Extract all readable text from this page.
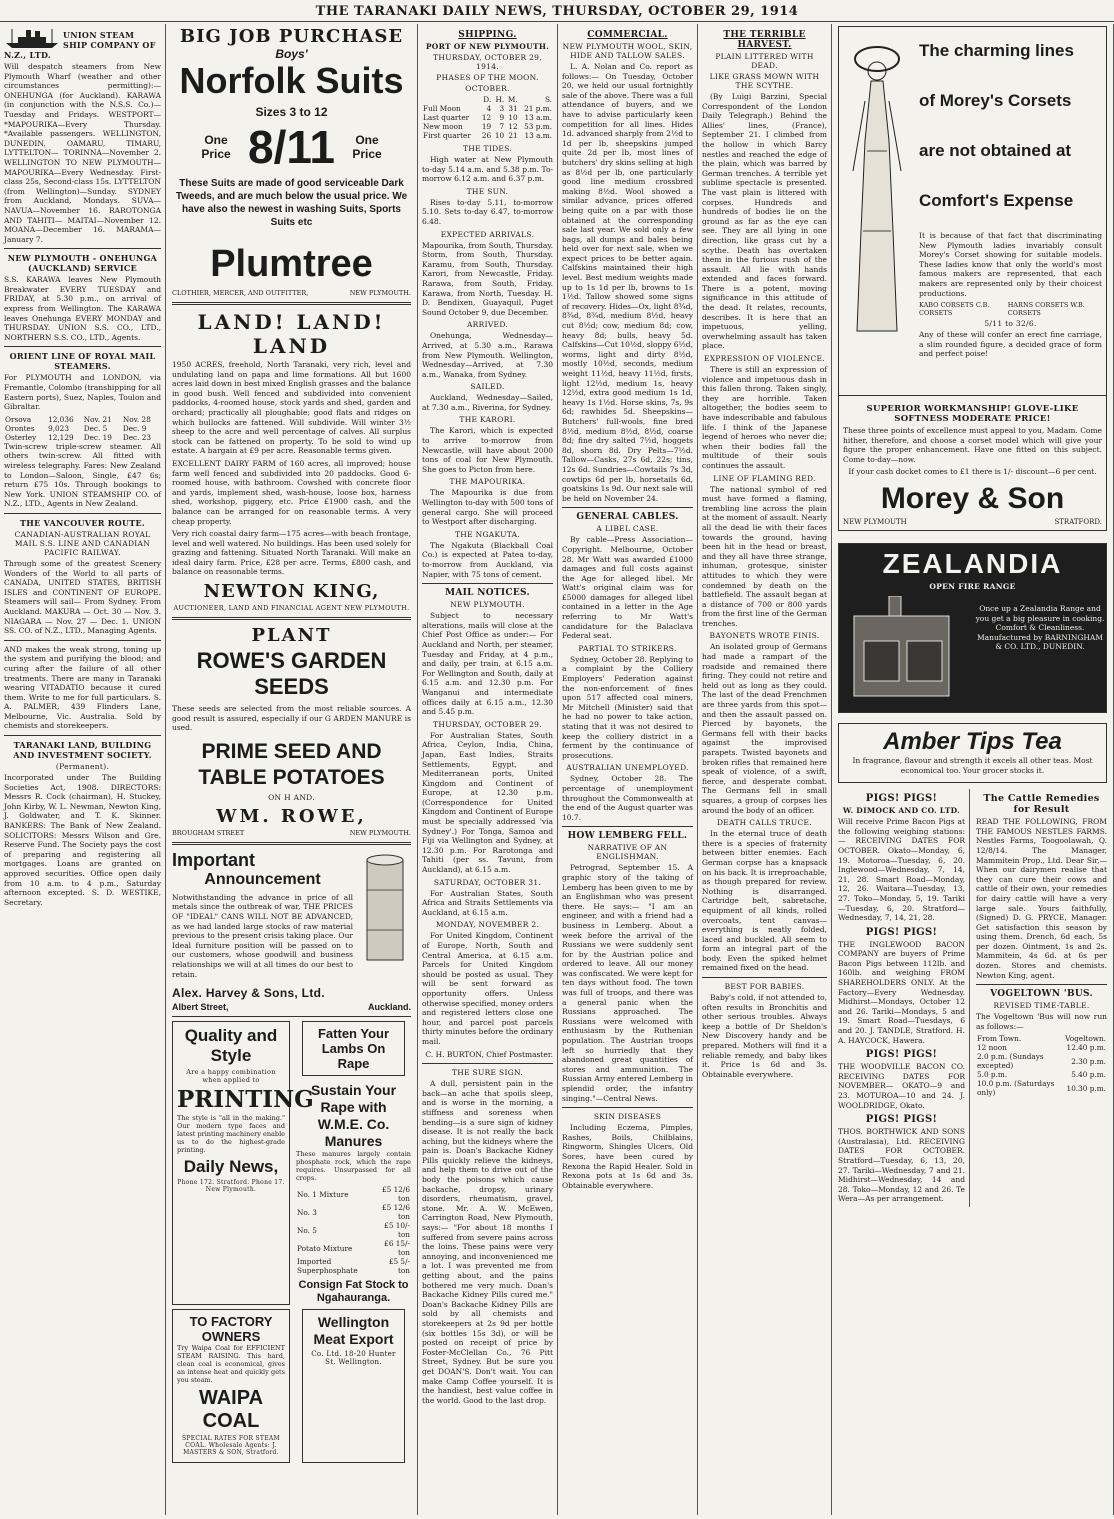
THE TARANAKI DAILY NEWS, THURSDAY, OCTOBER 29, 1914
UNION STEAM SHIP COMPANY OF N.Z., LTD.
Will despatch steamers from New Plymouth Wharf (weather and other circumstances permitting):— ONEHUNGA (for Auckland). KARAWA (in conjunction with the N.S.S. Co.)—Tuesday and Fridays. WESTPORT— *MAPOURIKA—Every Thursday. *Available passengers. WELLINGTON, DUNEDIN, OAMARU, TIMARU, LYTTELTON— TORINNA—November 2. WELLINGTON TO NEW PLYMOUTH— MAPOURIKA—Every Wednesday. First-class 25s, Second-class 15s. LYTTELTON (from Wellington)—Sunday. SYDNEY from Auckland, Mondays. SUVA— NAVUA—November 16. RAROTONGA AND TAHITI— MAITAI—November 12. MOANA—December 16. MARAMA—January 7.
NEW PLYMOUTH - ONEHUNGA (AUCKLAND) SERVICE
S.S. KARAWA leaves New Plymouth Breakwater EVERY TUESDAY and FRIDAY, at 5.30 p.m., on arrival of express from Wellington. The KARAWA leaves Onehunga EVERY MONDAY and THURSDAY. UNION S.S. CO., LTD., NORTHERN S.S. CO., LTD., Agents.
ORIENT LINE OF ROYAL MAIL STEAMERS.
For PLYMOUTH and LONDON, via Fremantle, Colombo (transhipping for all Eastern ports), Suez, Naples, Toulon and Gibraltar.
Orsova	12,036	Nov. 21	Nov. 28
Orontes	9,023	Dec. 5	Dec. 9
Osterley	12,129	Dec. 19	Dec. 23
Twin-screw triple-screw steamer. All others twin-screw. All fitted with wireless telegraphy. Fares: New Zealand to London—Saloon, Single, £47 6s; return £75 10s. Through bookings to New York. UNION STEAMSHIP CO. of N.Z., LTD., Agents in New Zealand.
THE VANCOUVER ROUTE.
CANADIAN-AUSTRALIAN ROYAL MAIL S.S. LINE AND CANADIAN PACIFIC RAILWAY.
Through some of the greatest Scenery Wonders of the World to all parts of CANADA, UNITED STATES, BRITISH ISLES and CONTINENT OF EUROPE. Steamers will sail— From Sydney. From Auckland. MAKURA — Oct. 30 — Nov. 3. NIAGARA — Nov. 27 — Dec. 1. UNION SS. CO. of N.Z., LTD., Managing Agents.
AND makes the weak strong, toning up the system and purifying the blood; and curing after the failure of all other treatments. There are many in Taranaki wearing VITADATIO because it cured them. Write to me for full particulars. S. A. PALMER, 439 Flinders Lane, Melbourne, Vic. Australia. Sold by chemists and storekeepers.
TARANAKI LAND, BUILDING AND INVESTMENT SOCIETY.
(Permanent).
Incorporated under The Building Societies Act, 1908. DIRECTORS: Messrs R. Cock (chairman), H. Stuckey, John Kirby, W. L. Newman, Newton King, J. Goldwater, and T. K. Skinner. BANKERS: The Bank of New Zealand. SOLICITORS: Messrs Wilson and Gre. Reserve Fund. The Society pays the cost of preparing and registering all mortgages. Loans are granted on approved securities. Office open daily from 10 a.m. to 4 p.m., Saturday afternoon excepted. S. D. WESTIKE, Secretary.
BIG JOB PURCHASE
Boys'
Norfolk Suits
Sizes 3 to 12
One Price 8/11	One Price
These Suits are made of good serviceable Dark Tweeds, and are much below the usual price. We have also the newest in washing Suits, Sports Suits etc
Plumtree
CLOTHIER, MERCER, AND OUTFITTER,	NEW PLYMOUTH.
LAND! LAND! LAND
1950 ACRES, freehold, North Taranaki, very rich, level and undulating land on papa and lime formations. All but 1600 acres laid down in best mixed English grasses and the balance in good bush. Well fenced and subdivided into convenient paddocks, 4-roomed house, stock yards and shed, garden and orchard; practically all ploughable; good flats and ridges on which bullocks are fattened. Will subdivide. Will winter 3½ sheep to the acre and well percentage of calves. All surplus stock can be fattened on property. To be sold to wind up estate. A bargain at £9 per acre. Reasonable terms given.
EXCELLENT DAIRY FARM of 160 acres, all improved; house farm well fenced and subdivided into 20 paddocks. Good 6-roomed house, with bathroom. Cowshed with concrete floor and yards, implement shed, wash-house, loose box, harness shed, workshop, piggery, etc. Price £1900 cash, and the balance can be arranged for on reasonable terms. A very cheap property.
Very rich coastal dairy farm—175 acres—with beach frontage, level and well watered. No buildings. Has been used solely for grazing and fattening. Situated North Taranaki. Will make an ideal dairy farm. Price, £28 per acre. Terms, £800 cash, and balance on reasonable terms.
NEWTON KING,
AUCTIONEER, LAND AND FINANCIAL AGENT NEW PLYMOUTH.
PLANT
ROWE'S GARDEN SEEDS
These seeds are selected from the most reliable sources. A good result is assured, especially if our G ARDEN MANURE is used.
PRIME SEED AND TABLE POTATOES
ON H AND.
WM. ROWE,
BROUGHAM STREET	NEW PLYMOUTH.
Important
Announcement
Notwithstanding the advance in price of all metals since the outbreak of war, THE PRICES OF "IDEAL" CANS WILL NOT BE ADVANCED, as we had landed large stocks of raw material previous to the present crisis taking place. Our Ideal furniture position will be passed on to our customers, whose goodwill and business relationships we will at all times do our best to retain.
Alex. Harvey & Sons, Ltd.
Albert Street,	Auckland.
Quality and Style
Are a happy combination when applied to
PRINTING
The style is "all in the making." Our modern type faces and latest printing machinery enable us to do the highest-grade printing.
Daily News,
Phone 172. Stratford. Phone 17. New Plymouth.
Fatten Your Lambs On Rape
Sustain Your Rape with W.M.E. Co. Manures
These manures largely contain phosphate rock, which the rape requires. Unsurpassed for all crops.
No. 1 Mixture	£5 12/6 ton
No. 3	£5 12/6 ton
No. 5	£5 10/- ton
Potato Mixture	£6 15/- ton
Imported Superphosphate	£5 5/- ton
Consign Fat Stock to Ngahauranga.
TO FACTORY OWNERS
Try Waipa Coal for EFFICIENT STEAM RAISING. This hard, clean coal is economical, gives an intense heat and quickly gets you steam.
WAIPA COAL
SPECIAL RATES FOR STEAM COAL. Wholesale Agents: J. MASTERS & SON, Stratford.
Wellington Meat Export
Co. Ltd. 18-20 Hunter St. Wellington.
SHIPPING.
PORT OF NEW PLYMOUTH.
THURSDAY, OCTOBER 29, 1914.
PHASES OF THE MOON.
OCTOBER.
	D.	H.	M.	S.
Full Moon	4	3	31	21 p.m.
Last quarter	12	9	10	13 a.m.
New moon	19	7	12	53 p.m.
First quarter	26	10	21	13 a.m.
THE TIDES.
High water at New Plymouth to-day 5.14 a.m. and 5.38 p.m. To-morrow 6.12 a.m. and 6.37 p.m.
THE SUN.
Rises to-day 5.11, to-morrow 5.10. Sets to-day 6.47, to-morrow 6.48.
EXPECTED ARRIVALS.
Mapourika, from South, Thursday. Storm, from South, Thursday. Karamu, from South, Thursday. Karori, from Newcastle, Friday. Rarawa, from South, Friday. Karawa, from North, Tuesday. H. D. Bendixen, Guayaquil, Puget Sound October 9, due December.
ARRIVED.
Onehunga, Wednesday—Arrived, at 5.30 a.m., Rarawa from New Plymouth. Wellington, Wednesday—Arrived, at 7.30 a.m., Wanaka, from Sydney.
SAILED.
Auckland, Wednesday—Sailed, at 7.30 a.m., Riverina, for Sydney.
THE KARORI.
The Karori, which is expected to arrive to-morrow from Newcastle, will have about 2000 tons of coal for New Plymouth. She goes to Picton from here.
THE MAPOURIKA.
The Mapourika is due from Wellington to-day with 500 tons of general cargo. She will proceed to Westport after discharging.
THE NGAKUTA.
The Ngakuta (Blackball Coal Co.) is expected at Patea to-day, to-morrow from Auckland, via Napier, with 75 tons of cement.
MAIL NOTICES.
NEW PLYMOUTH.
Subject to necessary alterations, mails will close at the Chief Post Office as under:— For Auckland and North, per steamer, Tuesday and Friday, at 4 p.m., and daily, per train, at 6.15 a.m. For Wellington and South, daily at 6.15 a.m. and 12.30 p.m. For Wanganui and intermediate offices daily at 6.15 a.m., 12.30 and 5.45 p.m.
THURSDAY, OCTOBER 29.
For Australian States, South Africa, Ceylon, India, China, Japan, East Indies, Straits Settlements, Egypt, and Mediterranean ports, United Kingdom and Continent of Europe, at 12.30 p.m. (Correspondence for United Kingdom and Continent of Europe must be specially addressed 'via Sydney'.) For Tonga, Samoa and Fiji via Wellington and Sydney, at 12.30 p.m. For Rarotonga and Tahiti (per ss. Tavuni, from Auckland), at 6.15 a.m.
SATURDAY, OCTOBER 31.
For Australian States, South Africa and Straits Settlements via Auckland, at 6.15 a.m.
MONDAY, NOVEMBER 2.
For United Kingdom, Continent of Europe, North, South and Central America, at 6.15 a.m. Parcels for United Kingdom should be posted as usual. They will be sent forward as opportunity offers. Unless otherwise specified, money orders and registered letters close one hour, and parcel post parcels thirty minutes before the ordinary mail.
C. H. BURTON, Chief Postmaster.
THE SURE SIGN.
A dull, persistent pain in the back—an ache that spoils sleep, and is worse in the morning, a stiffness and soreness when bending—is a sure sign of kidney disease. It is not really the back aching, but the kidneys where the pain is. Doan's Backache Kidney Pills quickly relieve the kidneys, and help them to drive out of the body the poisons which cause backache, dropsy, urinary disorders, rheumatism, gravel, stone. Mr. A. W. McEwen, Carrington Road, New Plymouth, says:— "For about 18 months I suffered from severe pains across the loins. These pains were very annoying, and inconvenienced me a lot. I was prevented me from getting about, and the pains bothered me very much. Doan's Backache Kidney Pills cured me." Doan's Backache Kidney Pills are sold by all chemists and storekeepers at 2s 9d per bottle (six bottles 15s 3d), or will be posted on receipt of price by Foster-McClellan Co., 76 Pitt Street, Sydney. But be sure you get DOAN'S. Don't wait. You can make Camp Coffee yourself. It is the handiest, best value coffee in the world. Good to the last drop.
COMMERCIAL.
NEW PLYMOUTH WOOL, SKIN, HIDE AND TALLOW SALES.
L. A. Nolan and Co. report as follows:— On Tuesday, October 20, we held our usual fortnightly sale of the above. There was a full attendance of buyers, and we have to advise particularly keen competition for all lines. Hides 1d. advanced sharply from 2½d to 1d per lb, sheepskins jumped quite 2d per lb, most lines of butchers' dry skins selling at high as 8½d per lb, one particularly good line medium crossbred making 8½d. Wool showed a similar advance, prices offered being quite on a par with those obtained at the corresponding sale last year. We sold only a few bags, all dumps and bales being held over for next sale, when we expect prices to be better again. Calfskins maintained their high level. Best medium weights made up to 1s 1d per lb, browns to 1s 1½d. Tallow showed some signs of recovery. Hides—Ox, light 8¾d, 8¾d, 8¾d, medium 8½d, heavy cut 8½d; cow, medium 8d; cow, heavy 8d; bulls, heavy 5d. Calfskins—Cut 10½d, sloppy 6½d, worms, light and dirty 8½d, mostly 10½d, seconds, medium weight 11½d, heavy 11½d, firsts, light 12½d, medium 1s, heavy 12½d, extra good medium 1s 1d, heavy 1s 1½d. Horse skins, 7s, 9s 6d; rawhides 5d. Sheepskins—Butchers' full-wools, fine bred 8½d, medium 8½d, 8½d, coarse 8d; fine dry salted 7½d, hoggets 8d, shorn 8d. Dry Pelts—7½d. Tallow—Casks, 27s 6d, 22s; tins, 12s 6d. Sundries—Cowtails 7s 3d, cowtips 6d per lb, horsetails 6d, goatskins 1s 9d. Our next sale will be held on November 24.
GENERAL CABLES.
A LIBEL CASE.
By cable—Press Association—Copyright. Melbourne, October 28. Mr Watt was awarded £1000 damages and full costs against the Age for alleged libel. Mr Watt's original claim was for £5000 damages for alleged libel contained in a letter in the Age referring to Mr Watt's candidature for the Balaclava Federal seat.
PARTIAL TO STRIKERS.
Sydney, October 28. Replying to a complaint by the Colliery Employers' Federation against the non-enforcement of fines upon 517 affected coal miners, Mr Mitchell (Minister) said that he had no power to take action, stating that it was not desired to keep the colliery district in a ferment by the continuance of prosecutions.
AUSTRALIAN UNEMPLOYED.
Sydney, October 28. The percentage of unemployment throughout the Commonwealth at the end of the August quarter was 10.7.
HOW LEMBERG FELL.
NARRATIVE OF AN ENGLISHMAN.
Petrograd, September 15. A graphic story of the taking of Lemberg has been given to me by an Englishman who was present there. He says:— "I am an engineer, and with a friend had a business in Lemberg. About a week before the arrival of the Russians we were suddenly sent for by the Austrian police and ordered to leave. All our money was confiscated. We were kept for ten days without food. The town was full of troops, and there was a general panic when the Russians approached. The Russians were welcomed with enthusiasm by the Ruthenian population. The Austrian troops left so hurriedly that they abandoned great quantities of stores and ammunition. The Russian Army entered Lemberg in splendid order, the infantry singing."—Central News.
SKIN DISEASES
Including Eczema, Pimples, Rashes, Boils, Chilblains, Ringworm, Shingles Ulcers, Old Sores, have been cured by Rexona the Rapid Healer. Sold in Rexona pots at 1s 6d and 3s. Obtainable everywhere.
THE TERRIBLE HARVEST.
PLAIN LITTERED WITH DEAD.
LIKE GRASS MOWN WITH THE SCYTHE.
(By Luigi Barzini, Special Correspondent of the London Daily Telegraph.) Behind the Allies' lines, (France), September 21. I climbed from the hollow in which Barcy nestles and reached the edge of the plain, which was barred by German trenches. A terrible yet sublime spectacle is presented. The vast plain is littered with corpses. Hundreds and hundreds of bodies lie on the ground as far as the eye can see. They are all lying in one direction, like grass cut by a scythe. Death has overtaken them in the furious rush of the assault. All lie with hands extended and faces forward. There is a potent, moving significance in this attitude of the dead. It relates, recounts, describes. It is here that an impetuous, yelling, overwhelming assault has taken place.
EXPRESSION OF VIOLENCE.
There is still an expression of violence and impetuous dash in this fallen throng. Taken singly, they are horrible. Taken altogether, the bodies seem to have indescribable and fabulous life. I think of the Japanese legend of heroes who never die; when their bodies fall the multitude of their souls continues the assault.
LINE OF FLAMING RED.
The national symbol of red must have formed a flaming, trembling line across the plain at the moment of assault. Nearly all the dead lie with their faces towards the ground, having been hit in the head or breast, and they all have three strange, inhuman, grotesque, sinister attitudes to which they were condemned by death on the battlefield. The assault began at a distance of 700 or 800 yards from the first line of the German trenches.
BAYONETS WROTE FINIS.
An isolated group of Germans had made a rampart of the roadside and remained there firing. They could not retire and held out as long as they could. The last of the dead Frenchmen are three yards from this spot—and then the assault passed on. Pierced by bayonets, the Germans fell with their backs against the improvised parapets. Twisted bayonets and broken rifles that remained here speak of violence, of a swift, fierce, and desperate combat. The Germans fell in small squares, a group of corpses lies around the body of an officer.
DEATH CALLS TRUCE.
In the eternal truce of death there is a species of fraternity between bitter enemies. Each German corpse has a knapsack on his back. It is irreproachable, as though prepared for review. Nothing is disarranged. Cartridge belt, sabretache, equipment of all kinds, rolled overcoats, tent canvas—everything is neatly folded, laced and buckled. All seem to form an integral part of the body. Even the spiked helmet remained fixed on the head.
BEST FOR BABIES.
Baby's cold, if not attended to, often results in Bronchitis and other serious troubles. Always keep a bottle of Dr Sheldon's New Discovery handy and be prepared. Mothers will find it a reliable remedy, and baby likes it. Price 1s 6d and 3s. Obtainable everywhere.
The charming lines
of Morey's Corsets
are not obtained at
Comfort's Expense
It is because of that fact that discriminating New Plymouth ladies invariably consult Morey's Corset showing for suitable models. These ladies know that only the world's most famous makers are represented, that each makers are represented only by their choicest productions.
KABO CORSETS C.B. CORSETS
HARNS CORSETS W.B. CORSETS
5/11 to 32/6.
Any of these will confer an erect fine carriage, a slim rounded figure, a decided grace of form and perfect poise!
SUPERIOR WORKMANSHIP! GLOVE-LIKE SOFTNESS MODERATE PRICE!
These three points of excellence must appeal to you, Madam. Come hither, therefore, and choose a corset model which will give your figure the proper enhancement. Have one fitted on this subject. Come to-day—now.
If your cash docket comes to £1 there is 1/- discount—6 per cent.
Morey & Son
NEW PLYMOUTH	STRATFORD.
ZEALANDIA
OPEN FIRE RANGE
Once up a Zealandia Range and you get a big pleasure in cooking. Comfort & Cleanliness. Manufactured by BARNINGHAM & CO. LTD., DUNEDIN.
Amber Tips Tea
In fragrance, flavour and strength it excels all other teas. Most economical too. Your grocer stocks it.
PIGS! PIGS!
W. DIMOCK AND CO. LTD.
Will receive Prime Bacon Pigs at the following weighing stations:— RECEIVING DATES FOR OCTOBER. Okato—Monday, 6, 19. Motoroa—Tuesday, 6, 20. Inglewood—Wednesday, 7, 14, 21, 28. Smart Road—Monday, 12, 26. Waitara—Tuesday, 13, 27. Toko—Monday, 5, 19. Tariki—Tuesday, 6, 20. Stratford—Wednesday, 7, 14, 21, 28.
PIGS! PIGS!
THE INGLEWOOD BACON COMPANY are buyers of Prime Bacon Pigs between 112lb. and 160lb. and weighing FROM SHAREHOLDERS ONLY. At the Factory—Every Wednesday. Midhirst—Mondays, October 12 and 26. Tariki—Mondays, 5 and 19. Smart Road—Tuesdays, 6 and 20. J. TANDLE, Stratford. H. A. HAYCOCK, Hawera.
PIGS! PIGS!
THE WOODVILLE BACON CO. RECEIVING DATES FOR NOVEMBER— OKATO—9 and 23. MOTUROA—10 and 24. J. WOOLDRIDGE, Okato.
PIGS! PIGS!
THOS. BORTHWICK AND SONS (Australasia), Ltd. RECEIVING DATES FOR OCTOBER. Stratford—Tuesday, 6, 13, 20, 27. Tariki—Wednesday, 7 and 21. Midhirst—Wednesday, 14 and 28. Toko—Monday, 12 and 26. Te Wera—As per arrangement.
The Cattle Remedies for Result
READ THE FOLLOWING, FROM THE FAMOUS NESTLES FARMS. Nestles Farms, Toogoolawah, Q. 12/8/14. The Manager, Mammitein Prop., Ltd. Dear Sir,— When our dairymen realise that they can cure their cows and cattle of their own, your remedies for dairy cattle will have a very large sale. Yours faithfully, (Signed) D. G. PRYCE, Manager. Get satisfaction this season by using them. Drench, 6d each, 5s per dozen. Ointment, 1s and 2s. Mammitein, 4s 6d. at 6s per dozen. Stores and chemists. Newton King, agent.
VOGELTOWN 'BUS.
REVISED TIME-TABLE.
The Vogeltown 'Bus will now run as follows:—
From Town.	Vogeltown.
12 noon	12.40 p.m.
2.0 p.m. (Sundays excepted)	2.30 p.m.
5.0 p.m.	5.40 p.m.
10.0 p.m. (Saturdays only)	10.30 p.m.
